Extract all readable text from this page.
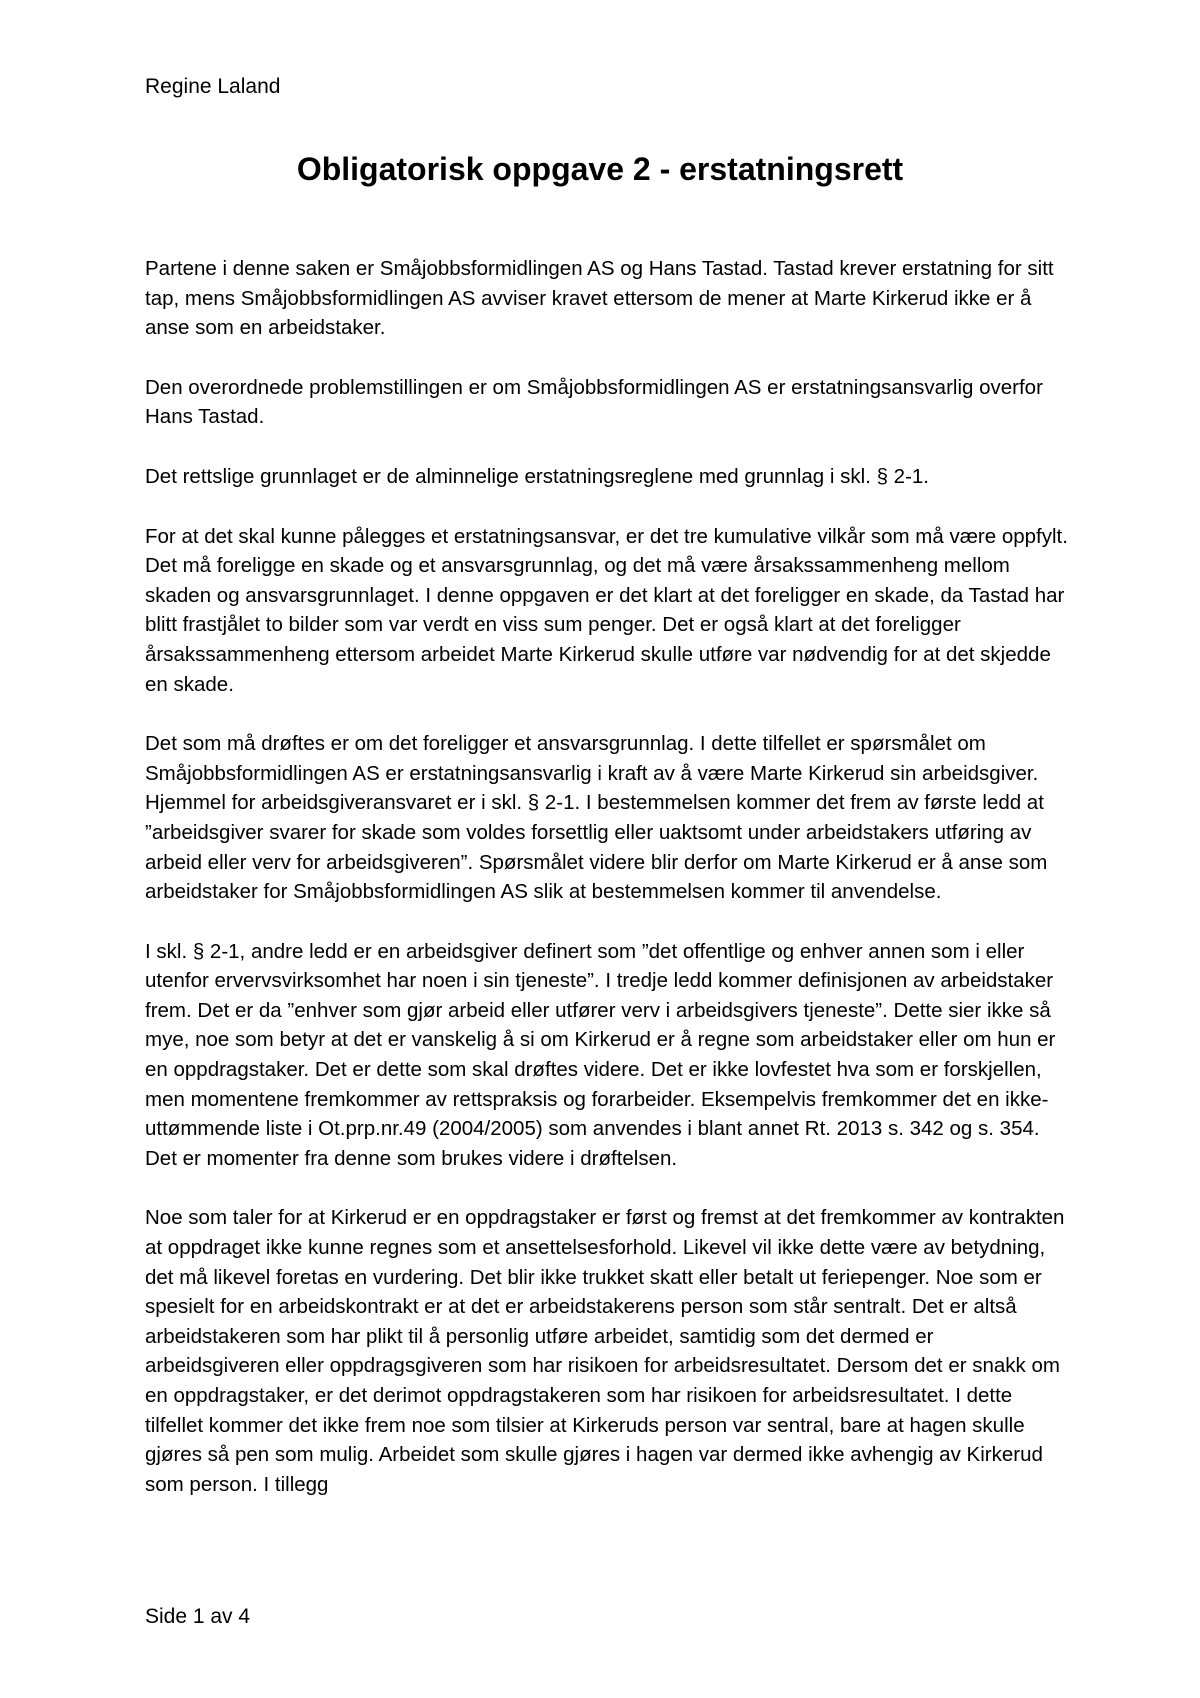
Regine Laland
Obligatorisk oppgave 2 - erstatningsrett

Partene i denne saken er Småjobbsformidlingen AS og Hans Tastad. Tastad krever erstatning for sitt tap, mens Småjobbsformidlingen AS avviser kravet ettersom de mener at Marte Kirkerud ikke er å anse som en arbeidstaker.

Den overordnede problemstillingen er om Småjobbsformidlingen AS er erstatningsansvarlig overfor Hans Tastad.

Det rettslige grunnlaget er de alminnelige erstatningsreglene med grunnlag i skl. § 2-1.

For at det skal kunne pålegges et erstatningsansvar, er det tre kumulative vilkår som må være oppfylt. Det må foreligge en skade og et ansvarsgrunnlag, og det må være årsakssammenheng mellom skaden og ansvarsgrunnlaget. I denne oppgaven er det klart at det foreligger en skade, da Tastad har blitt frastjålet to bilder som var verdt en viss sum penger. Det er også klart at det foreligger årsakssammenheng ettersom arbeidet Marte Kirkerud skulle utføre var nødvendig for at det skjedde en skade.

Det som må drøftes er om det foreligger et ansvarsgrunnlag. I dette tilfellet er spørsmålet om Småjobbsformidlingen AS er erstatningsansvarlig i kraft av å være Marte Kirkerud sin arbeidsgiver. Hjemmel for arbeidsgiveransvaret er i skl. § 2-1. I bestemmelsen kommer det frem av første ledd at ”arbeidsgiver svarer for skade som voldes forsettlig eller uaktsomt under arbeidstakers utføring av arbeid eller verv for arbeidsgiveren”. Spørsmålet videre blir derfor om Marte Kirkerud er å anse som arbeidstaker for Småjobbsformidlingen AS slik at bestemmelsen kommer til anvendelse.

I skl. § 2-1, andre ledd er en arbeidsgiver definert som ”det offentlige og enhver annen som i eller utenfor ervervsvirksomhet har noen i sin tjeneste”. I tredje ledd kommer definisjonen av arbeidstaker frem. Det er da ”enhver som gjør arbeid eller utfører verv i arbeidsgivers tjeneste”. Dette sier ikke så mye, noe som betyr at det er vanskelig å si om Kirkerud er å regne som arbeidstaker eller om hun er en oppdragstaker. Det er dette som skal drøftes videre. Det er ikke lovfestet hva som er forskjellen, men momentene fremkommer av rettspraksis og forarbeider. Eksempelvis fremkommer det en ikke-uttømmende liste i Ot.prp.nr.49 (2004/2005) som anvendes i blant annet Rt. 2013 s. 342 og s. 354. Det er momenter fra denne som brukes videre i drøftelsen.

Noe som taler for at Kirkerud er en oppdragstaker er først og fremst at det fremkommer av kontrakten at oppdraget ikke kunne regnes som et ansettelsesforhold. Likevel vil ikke dette være av betydning, det må likevel foretas en vurdering. Det blir ikke trukket skatt eller betalt ut feriepenger. Noe som er spesielt for en arbeidskontrakt er at det er arbeidstakerens person som står sentralt. Det er altså arbeidstakeren som har plikt til å personlig utføre arbeidet, samtidig som det dermed er arbeidsgiveren eller oppdragsgiveren som har risikoen for arbeidsresultatet. Dersom det er snakk om en oppdragstaker, er det derimot oppdragstakeren som har risikoen for arbeidsresultatet. I dette tilfellet kommer det ikke frem noe som tilsier at Kirkeruds person var sentral, bare at hagen skulle gjøres så pen som mulig. Arbeidet som skulle gjøres i hagen var dermed ikke avhengig av Kirkerud som person. I tillegg

Side 1 av 4
